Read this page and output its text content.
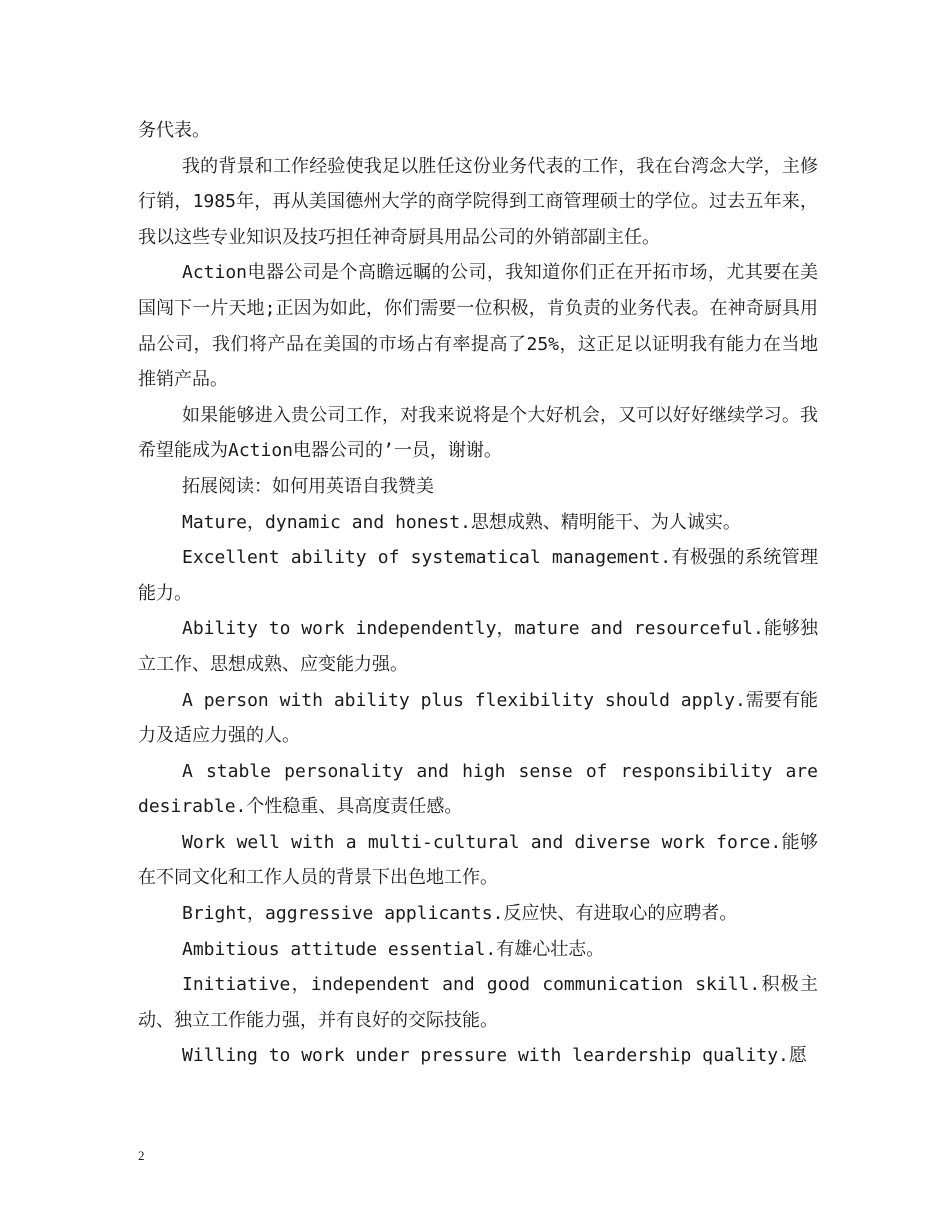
务代表。

我的背景和工作经验使我足以胜任这份业务代表的工作，我在台湾念大学，主修行销，1985年，再从美国德州大学的商学院得到工商管理硕士的学位。过去五年来，我以这些专业知识及技巧担任神奇厨具用品公司的外销部副主任。

Action电器公司是个高瞻远瞩的公司，我知道你们正在开拓市场，尤其要在美国闯下一片天地;正因为如此，你们需要一位积极，肯负责的业务代表。在神奇厨具用品公司，我们将产品在美国的市场占有率提高了25%，这正足以证明我有能力在当地推销产品。

如果能够进入贵公司工作，对我来说将是个大好机会，又可以好好继续学习。我希望能成为Action电器公司的’一员，谢谢。

拓展阅读：如何用英语自我赞美

Mature，dynamic and honest.思想成熟、精明能干、为人诚实。

Excellent ability of systematical management.有极强的系统管理能力。

Ability to work independently，mature and resourceful.能够独立工作、思想成熟、应变能力强。

A person with ability plus flexibility should apply.需要有能力及适应力强的人。

A stable personality and high sense of responsibility are desirable.个性稳重、具高度责任感。

Work well with a multi-cultural and diverse work force.能够在不同文化和工作人员的背景下出色地工作。

Bright，aggressive applicants.反应快、有进取心的应聘者。

Ambitious attitude essential.有雄心壮志。

Initiative，independent and good communication skill.积极主动、独立工作能力强，并有良好的交际技能。

Willing to work under pressure with leardership quality.愿

2
